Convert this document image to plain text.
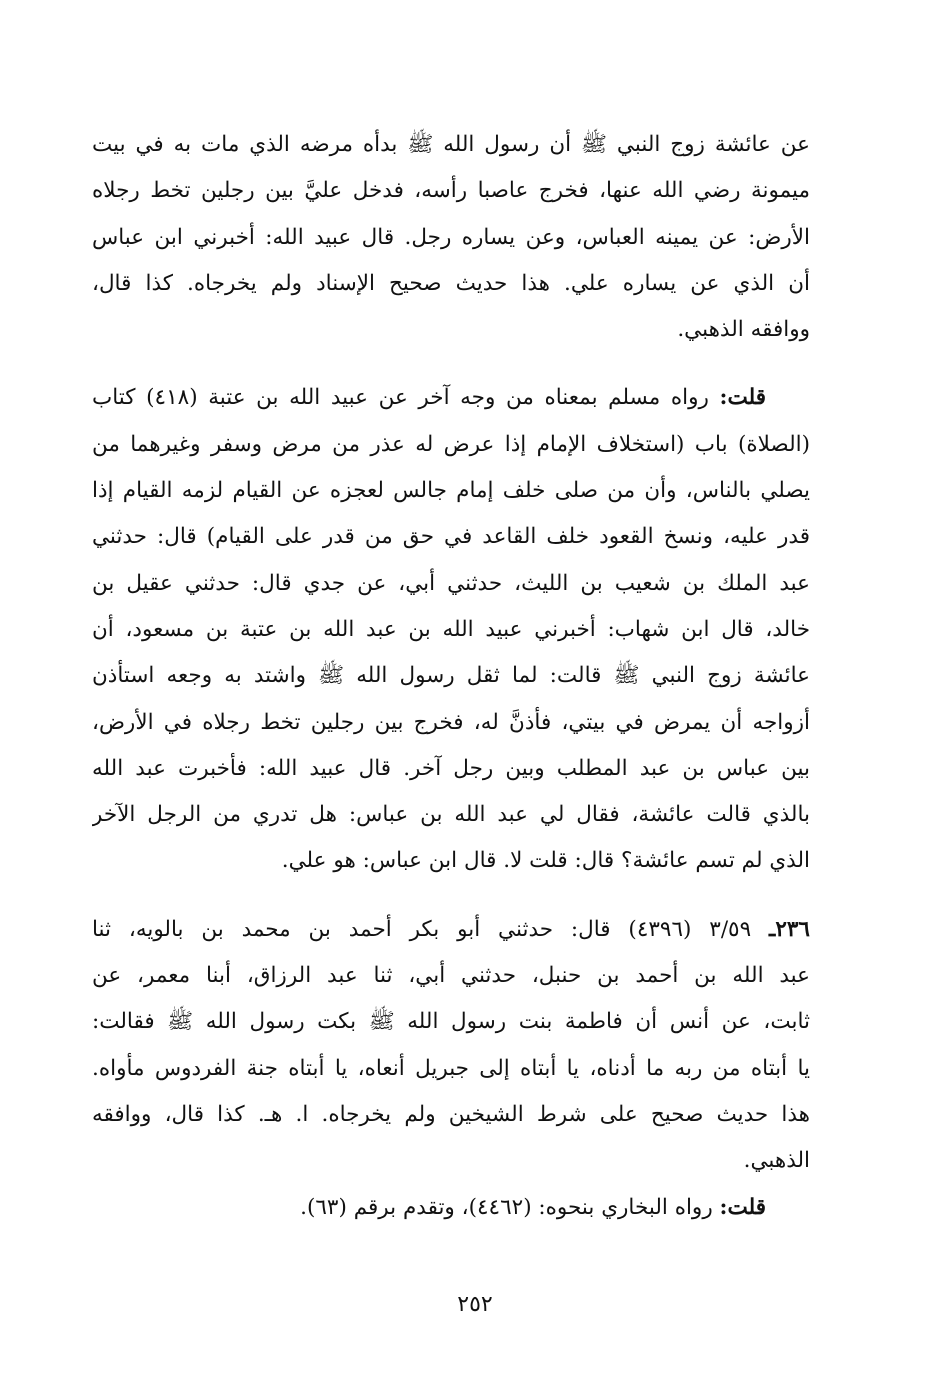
عن عائشة زوج النبي ﷺ أن رسول الله ﷺ بدأه مرضه الذي مات به في بيت
ميمونة رضي الله عنها، فخرج عاصبا رأسه، فدخل عليَّ بين رجلين تخط رجلاه
الأرض: عن يمينه العباس، وعن يساره رجل. قال عبيد الله: أخبرني ابن عباس
أن الذي عن يساره علي. هذا حديث صحيح الإسناد ولم يخرجاه. كذا قال،
ووافقه الذهبي.
قلت: رواه مسلم بمعناه من وجه آخر عن عبيد الله بن عتبة (٤١٨) كتاب
(الصلاة) باب (استخلاف الإمام إذا عرض له عذر من مرض وسفر وغيرهما من
يصلي بالناس، وأن من صلى خلف إمام جالس لعجزه عن القيام لزمه القيام إذا
قدر عليه، ونسخ القعود خلف القاعد في حق من قدر على القيام) قال: حدثني
عبد الملك بن شعيب بن الليث، حدثني أبي، عن جدي قال: حدثني عقيل بن
خالد، قال ابن شهاب: أخبرني عبيد الله بن عبد الله بن عتبة بن مسعود، أن
عائشة زوج النبي ﷺ قالت: لما ثقل رسول الله ﷺ واشتد به وجعه استأذن
أزواجه أن يمرض في بيتي، فأذنَّ له، فخرج بين رجلين تخط رجلاه في الأرض،
بين عباس بن عبد المطلب وبين رجل آخر. قال عبيد الله: فأخبرت عبد الله
بالذي قالت عائشة، فقال لي عبد الله بن عباس: هل تدري من الرجل الآخر
الذي لم تسم عائشة؟ قال: قلت لا. قال ابن عباس: هو علي.
٢٣٦ـ ٣/٥٩ (٤٣٩٦) قال: حدثني أبو بكر أحمد بن محمد بن بالويه، ثنا
عبد الله بن أحمد بن حنبل، حدثني أبي، ثنا عبد الرزاق، أبنا معمر، عن
ثابت، عن أنس أن فاطمة بنت رسول الله ﷺ بكت رسول الله ﷺ فقالت:
يا أبتاه من ربه ما أدناه، يا أبتاه إلى جبريل أنعاه، يا أبتاه جنة الفردوس مأواه.
هذا حديث صحيح على شرط الشيخين ولم يخرجاه. ا. هـ. كذا قال، ووافقه
الذهبي.
قلت: رواه البخاري بنحوه: (٤٤٦٢)، وتقدم برقم (٦٣).
٢٥٢
